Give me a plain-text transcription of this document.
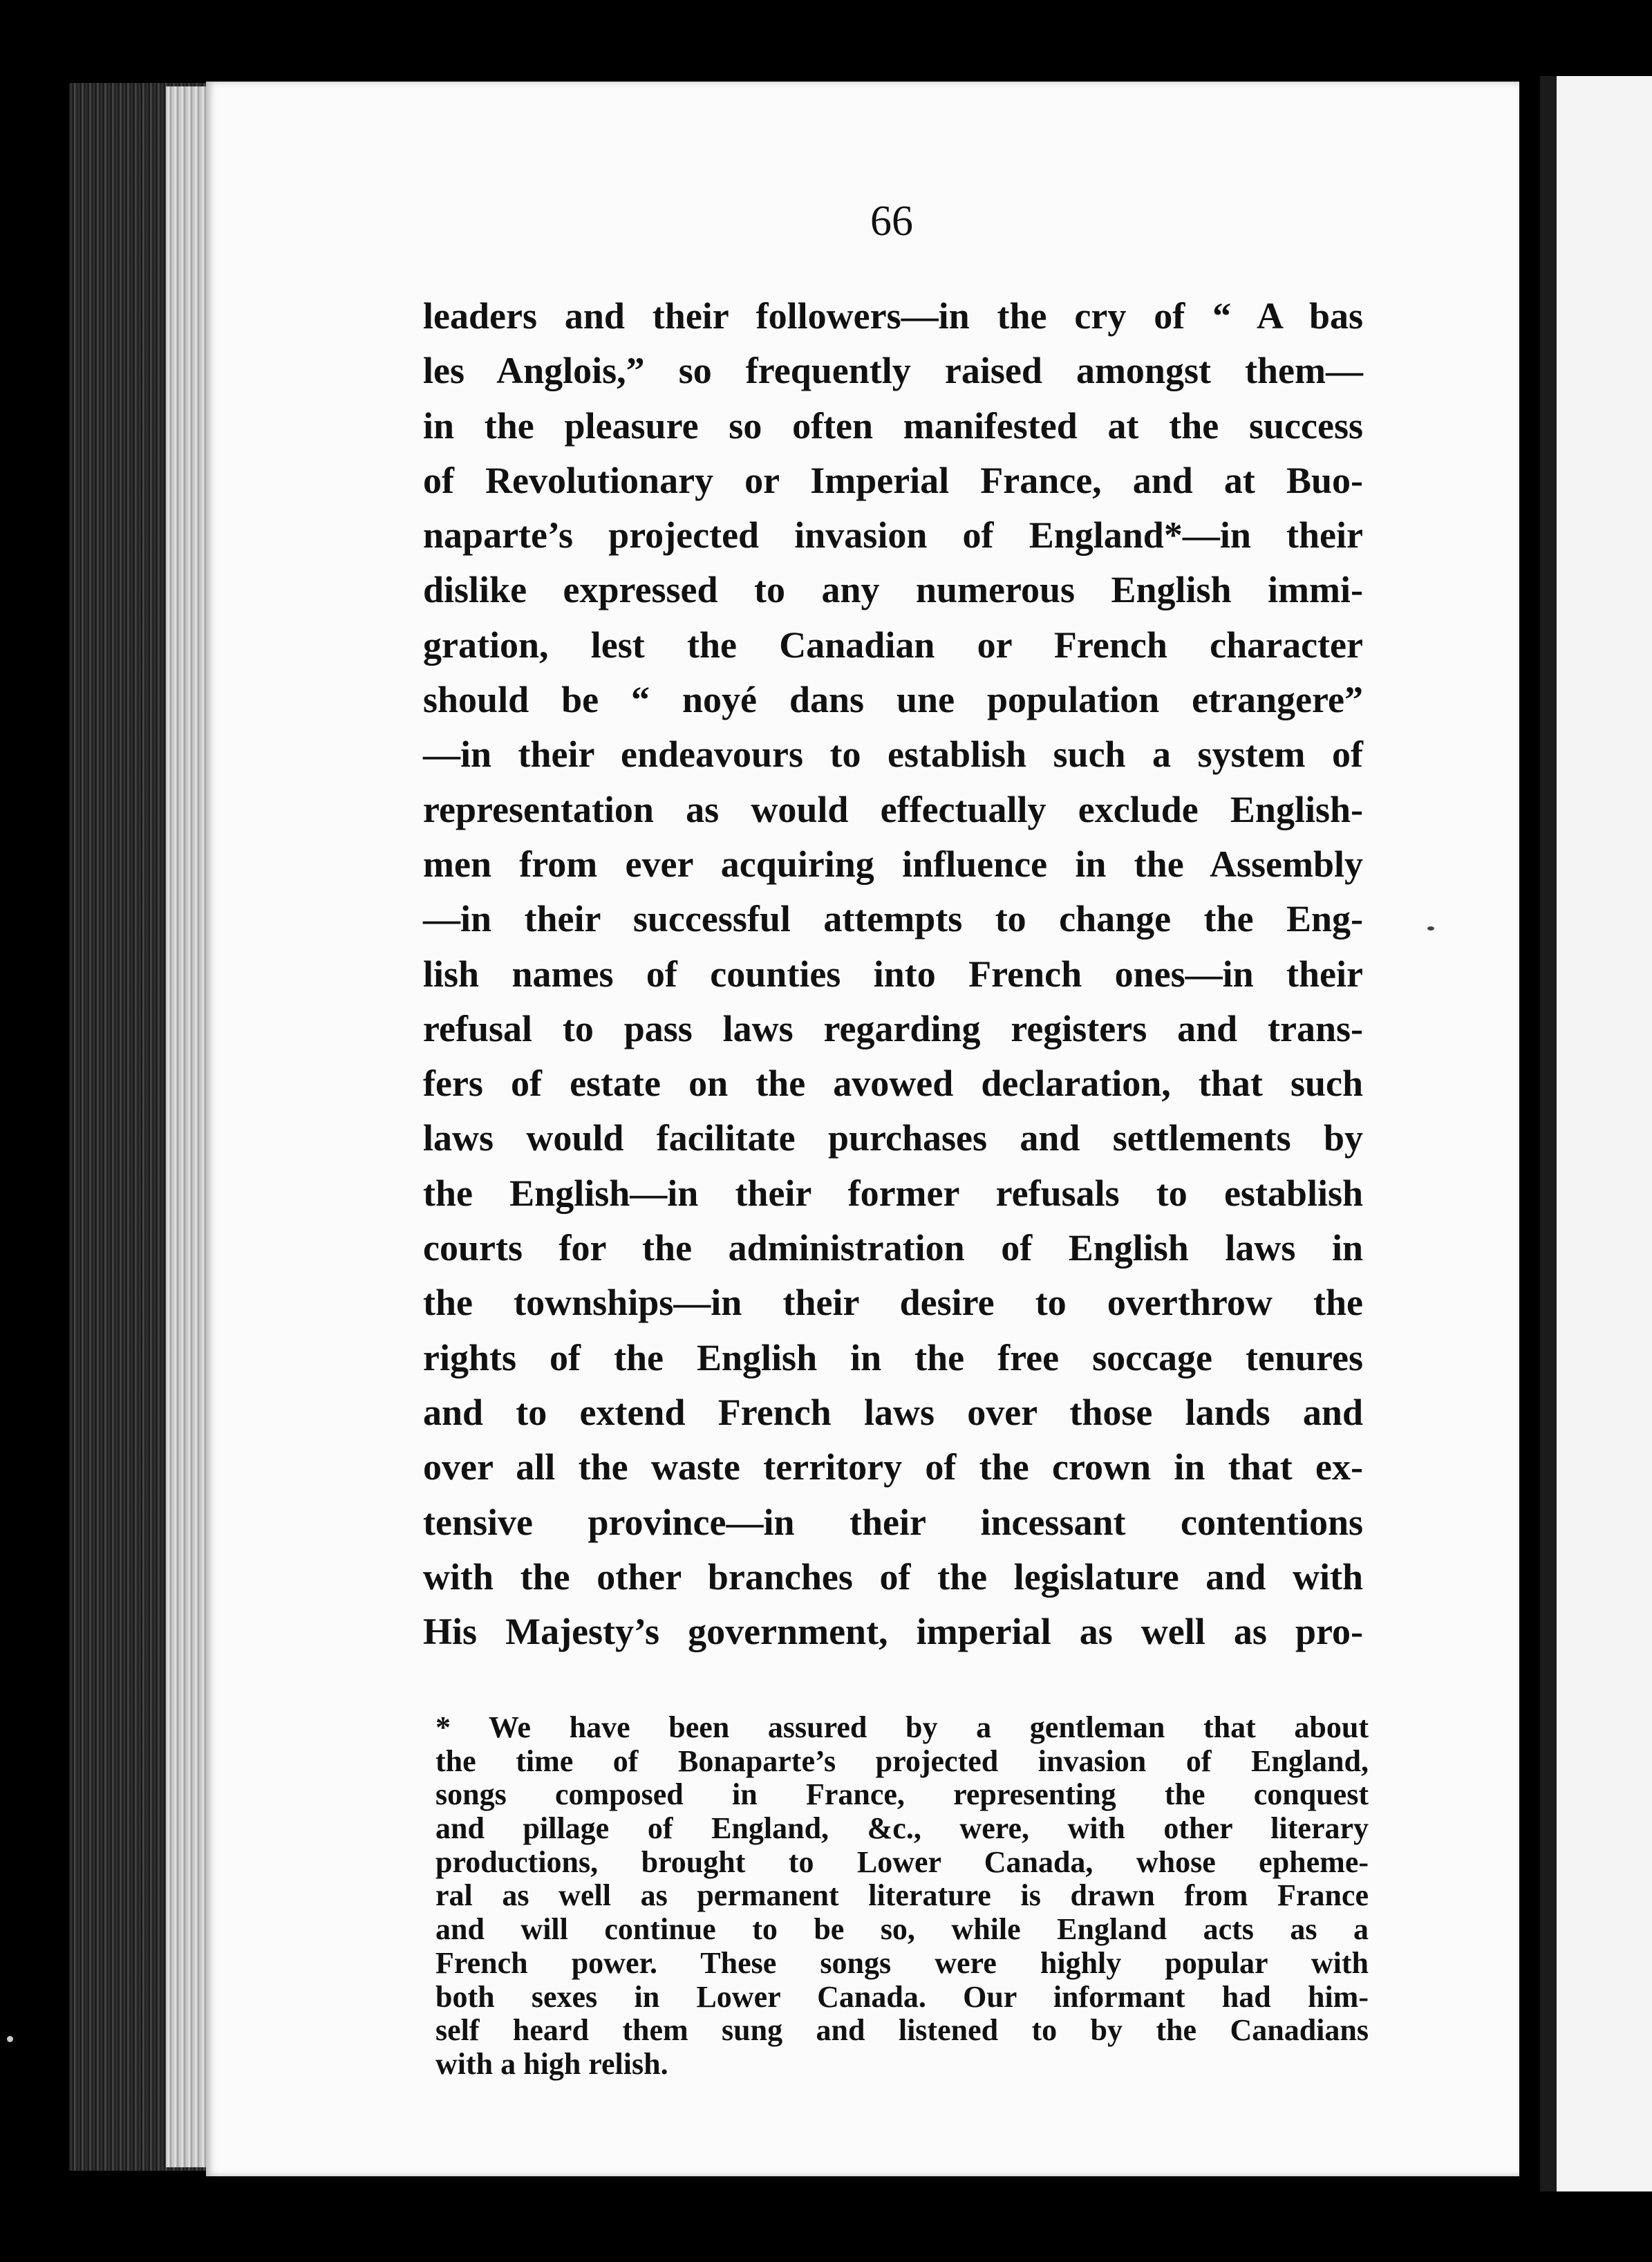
66
leaders and their followers—in the cry of “ A bas
les Anglois,” so frequently raised amongst them—
in the pleasure so often manifested at the success
of Revolutionary or Imperial France, and at Buo-
naparte’s projected invasion of England*—in their
dislike expressed to any numerous English immi-
gration, lest the Canadian or French character
should be “ noyé dans une population etrangere”
—in their endeavours to establish such a system of
representation as would effectually exclude English-
men from ever acquiring influence in the Assembly
—in their successful attempts to change the Eng-
lish names of counties into French ones—in their
refusal to pass laws regarding registers and trans-
fers of estate on the avowed declaration, that such
laws would facilitate purchases and settlements by
the English—in their former refusals to establish
courts for the administration of English laws in
the townships—in their desire to overthrow the
rights of the English in the free soccage tenures
and to extend French laws over those lands and
over all the waste territory of the crown in that ex-
tensive province—in their incessant contentions
with the other branches of the legislature and with
His Majesty’s government, imperial as well as pro-
* We have been assured by a gentleman that about
the time of Bonaparte’s projected invasion of England,
songs composed in France, representing the conquest
and pillage of England, &c., were, with other literary
productions, brought to Lower Canada, whose epheme-
ral as well as permanent literature is drawn from France
and will continue to be so, while England acts as a
French power. These songs were highly popular with
both sexes in Lower Canada. Our informant had him-
self heard them sung and listened to by the Canadians
with a high relish.
